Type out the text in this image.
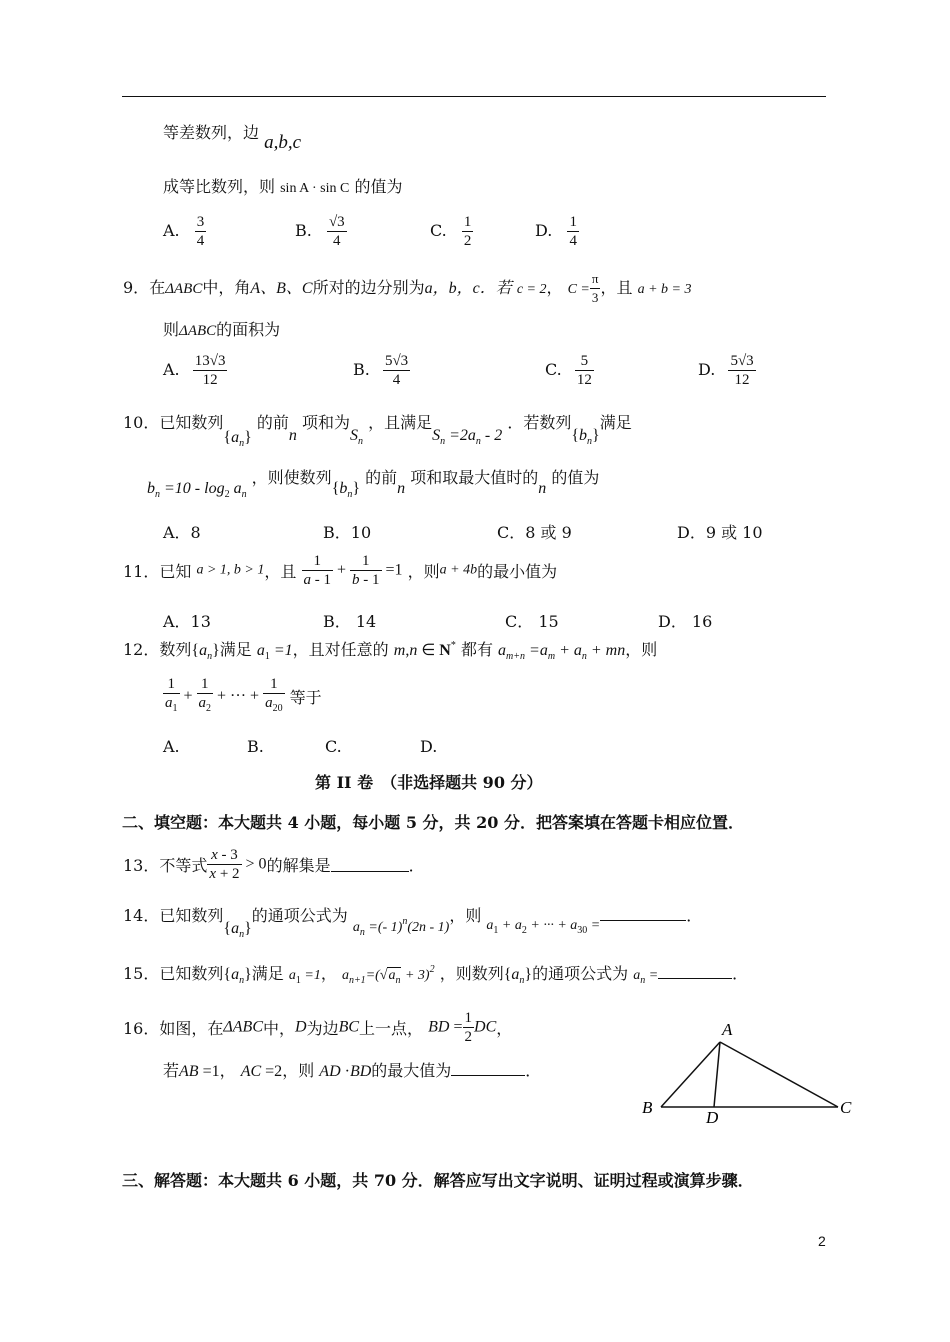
等差数列，边 a,b,c
成等比数列，则 sin A · sin C 的值为
A. $\frac{3}{4}$	B. $\frac{√3}{4}$	C. $\frac{1}{2}$	D. $\frac{1}{4}$
9．在ΔABC中，角A、B、C所对的边分别为a，b，c．若 c = 2， $C = \frac{\pi}{3}$ ，且 a + b = 3
则ΔABC的面积为
A. $\frac{13√3}{12}$	B. $\frac{5√3}{4}$	C. $\frac{5}{12}$	D. $\frac{5√3}{12}$
10．已知数列$\{a_n\}$ 的前n 项和为$S_n$ ，且满足$S_n =2a_n - 2$ ．若数列$\{b_n\}$满足
$b_n =10 - \log_2 a_n$ ，则使数列$\{b_n\}$ 的前n 项和取最大值时的n 的值为
A．8	B．10	C．8 或 9	D．9 或 10
11．已知 a > 1, b > 1，且 $\frac{1}{a - 1} + \frac{1}{b - 1} =1$ ，则a + 4b的最小值为
A．13	B． 14	C． 15	D． 16
12．数列$\{a_n\}$满足 $a_1 =1$，且对任意的 m,n ∈ N* 都有 $a_{m+n} =a_m + a_n$ + mn，则
$\frac{1}{a_1} + \frac{1}{a_2}$ + ··· + $\frac{1}{a_{20}}$ 等于
A.	B.	C.	D.
第 II 卷　（非选择题共 90 分）
二、填空题：本大题共 4 小题，每小题 5 分，共 20 分．把答案填在答题卡相应位置．
13．不等式 $\frac{x - 3}{x + 2} > 0$的解集是	．
14．已知数列$\{a_n\}$的通项公式为 $a_n$ =(- 1)$^n$(2n - 1)，则 $a_1 + a_2$ + ··· + $a_{30}$ =．
15．已知数列$\{a_n\}$满足 $a_1 =1$， $a_{n+1}=(√a_n + 3)^2$ ，则数列$\{a_n\}$的通项公式为 $a_n$ =	．
16．如图，在ΔABC中，D为边BC上一点， BD = $\frac{1}{2}$ DC，
若AB =1， AC =2，则 AD ·BD的最大值为	．
A
B	C
D
三、解答题：本大题共 6 小题，共 70 分．解答应写出文字说明、证明过程或演算步骤．
2
